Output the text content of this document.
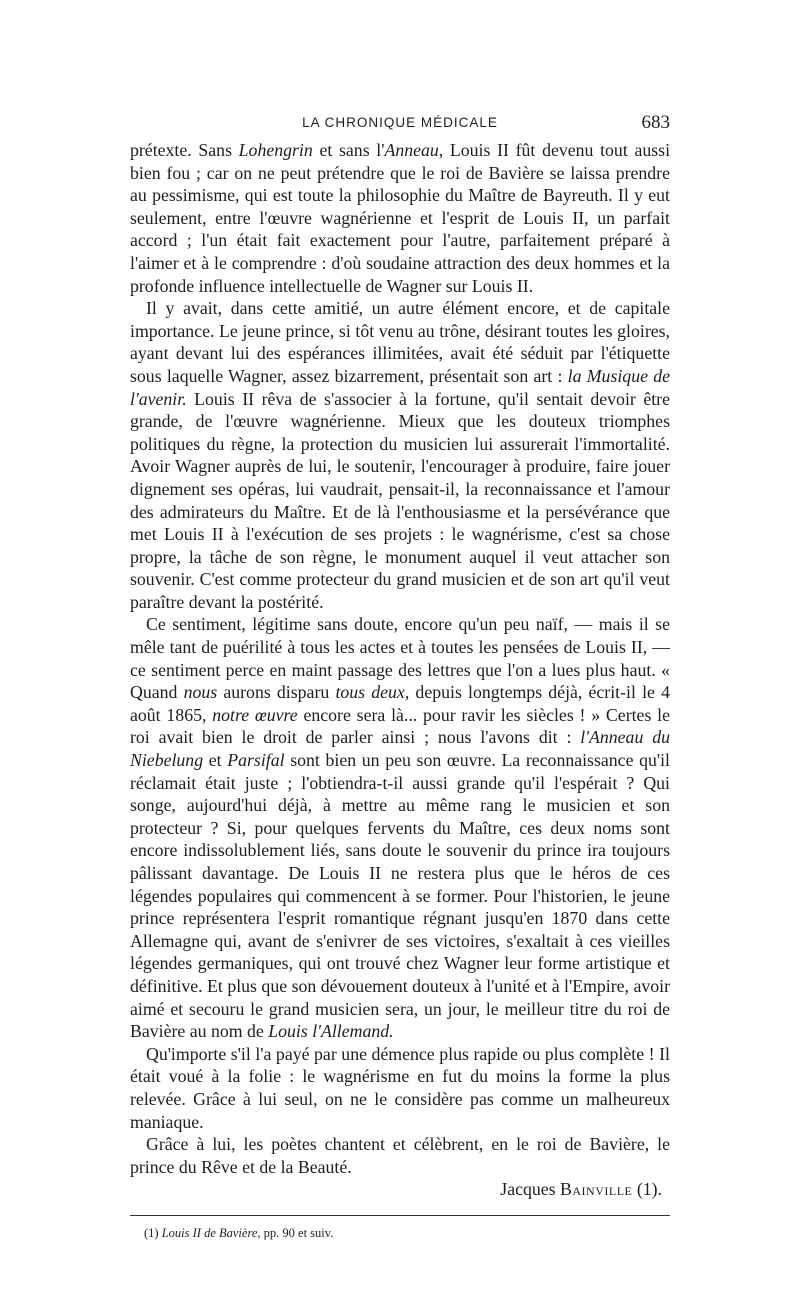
LA CHRONIQUE MÉDICALE	683

prétexte. Sans Lohengrin et sans l'Anneau, Louis II fût devenu tout aussi bien fou ; car on ne peut prétendre que le roi de Bavière se laissa prendre au pessimisme, qui est toute la philosophie du Maître de Bayreuth. Il y eut seulement, entre l'œuvre wagnérienne et l'esprit de Louis II, un parfait accord ; l'un était fait exactement pour l'autre, parfaitement préparé à l'aimer et à le comprendre : d'où soudaine attraction des deux hommes et la profonde influence intellectuelle de Wagner sur Louis II.

Il y avait, dans cette amitié, un autre élément encore, et de capitale importance. Le jeune prince, si tôt venu au trône, désirant toutes les gloires, ayant devant lui des espérances illimitées, avait été séduit par l'étiquette sous laquelle Wagner, assez bizarrement, présentait son art : la Musique de l'avenir. Louis II rêva de s'associer à la fortune, qu'il sentait devoir être grande, de l'œuvre wagnérienne. Mieux que les douteux triomphes politiques du règne, la protection du musicien lui assurerait l'immortalité. Avoir Wagner auprès de lui, le soutenir, l'encourager à produire, faire jouer dignement ses opéras, lui vaudrait, pensait-il, la reconnaissance et l'amour des admirateurs du Maître. Et de là l'enthousiasme et la persévérance que met Louis II à l'exécution de ses projets : le wagnérisme, c'est sa chose propre, la tâche de son règne, le monument auquel il veut attacher son souvenir. C'est comme protecteur du grand musicien et de son art qu'il veut paraître devant la postérité.

Ce sentiment, légitime sans doute, encore qu'un peu naïf, — mais il se mêle tant de puérilité à tous les actes et à toutes les pensées de Louis II, — ce sentiment perce en maint passage des lettres que l'on a lues plus haut. « Quand nous aurons disparu tous deux, depuis longtemps déjà, écrit-il le 4 août 1865, notre œuvre encore sera là... pour ravir les siècles ! » Certes le roi avait bien le droit de parler ainsi ; nous l'avons dit : l'Anneau du Niebelung et Parsifal sont bien un peu son œuvre. La reconnaissance qu'il réclamait était juste ; l'obtiendra-t-il aussi grande qu'il l'espérait ? Qui songe, aujourd'hui déjà, à mettre au même rang le musicien et son protecteur ? Si, pour quelques fervents du Maître, ces deux noms sont encore indissolublement liés, sans doute le souvenir du prince ira toujours pâlissant davantage. De Louis II ne restera plus que le héros de ces légendes populaires qui commencent à se former. Pour l'historien, le jeune prince représentera l'esprit romantique régnant jusqu'en 1870 dans cette Allemagne qui, avant de s'enivrer de ses victoires, s'exaltait à ces vieilles légendes germaniques, qui ont trouvé chez Wagner leur forme artistique et définitive. Et plus que son dévouement douteux à l'unité et à l'Empire, avoir aimé et secouru le grand musicien sera, un jour, le meilleur titre du roi de Bavière au nom de Louis l'Allemand.

Qu'importe s'il l'a payé par une démence plus rapide ou plus complète ! Il était voué à la folie : le wagnérisme en fut du moins la forme la plus relevée. Grâce à lui seul, on ne le considère pas comme un malheureux maniaque.

Grâce à lui, les poètes chantent et célèbrent, en le roi de Bavière, le prince du Rêve et de la Beauté.

Jacques Bainville (1).
(1) Louis II de Bavière, pp. 90 et suiv.
